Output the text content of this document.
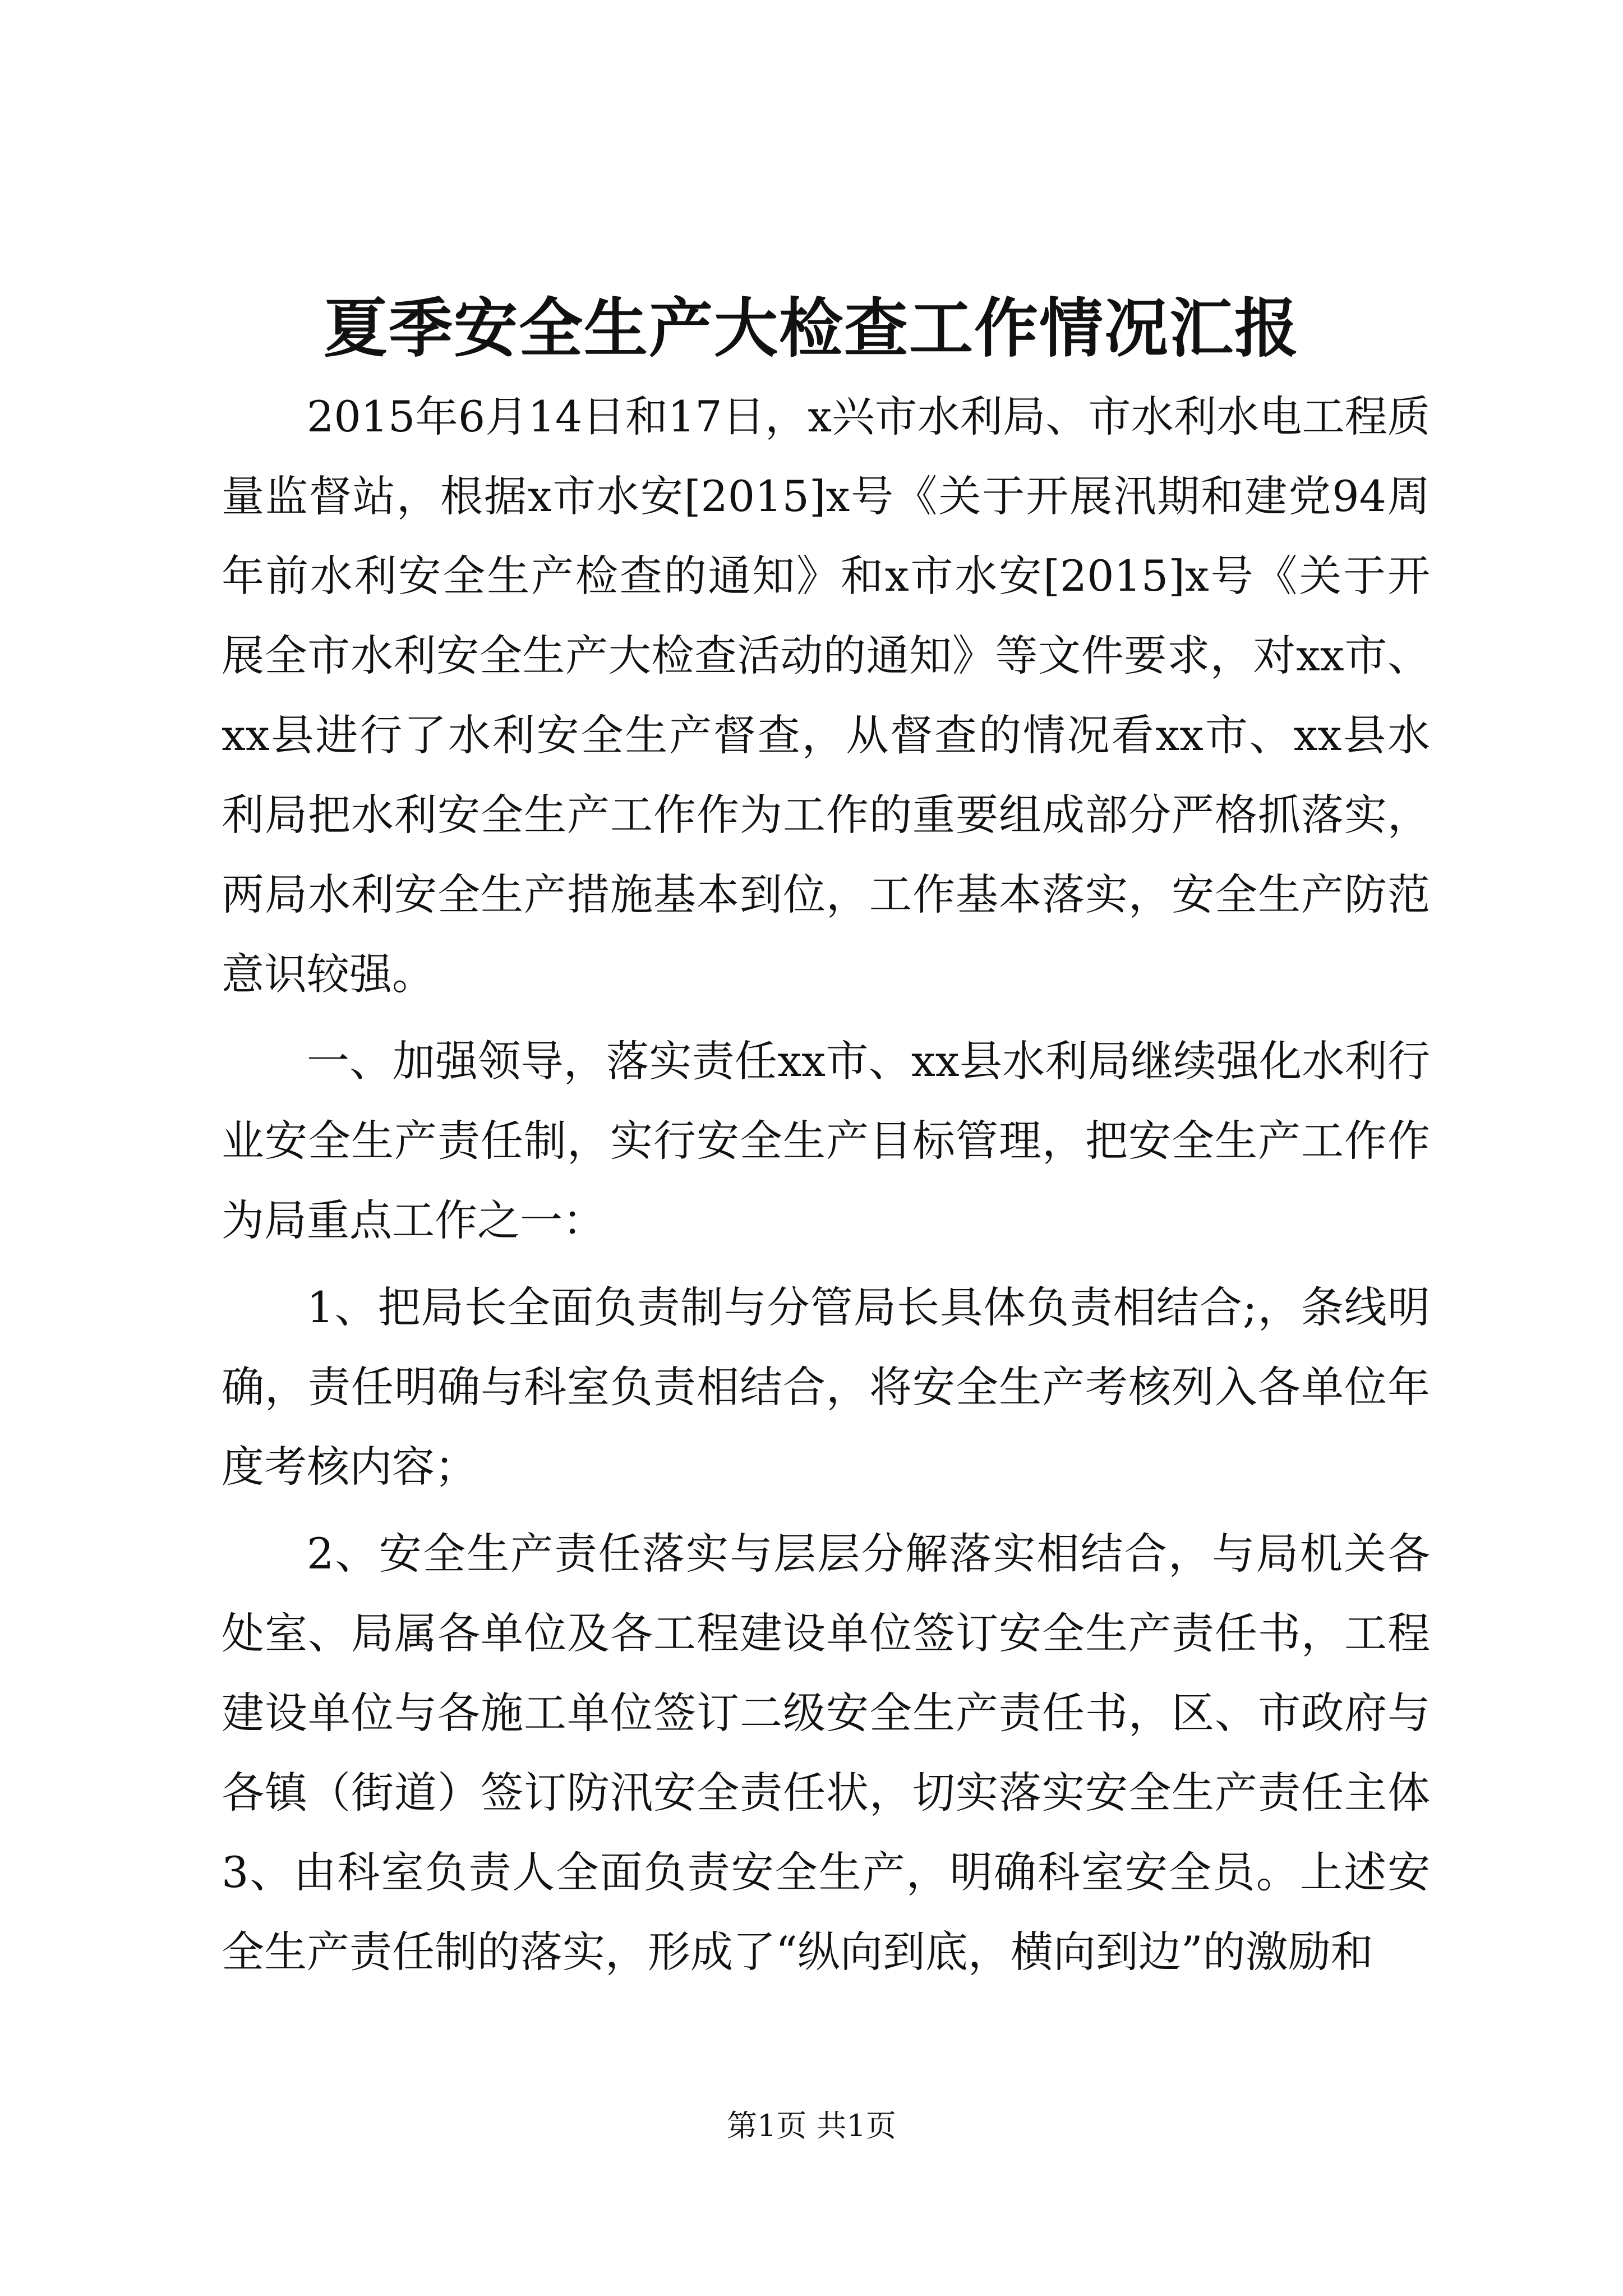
夏季安全生产大检查工作情况汇报

2015年6月14日和17日，x兴市水利局、市水利水电工程质量监督站，根据x市水安[2015]x号《关于开展汛期和建党94周年前水利安全生产检查的通知》和x市水安[2015]x号《关于开展全市水利安全生产大检查活动的通知》等文件要求，对xx市、xx县进行了水利安全生产督查，从督查的情况看xx市、xx县水利局把水利安全生产工作作为工作的重要组成部分严格抓落实，两局水利安全生产措施基本到位，工作基本落实，安全生产防范意识较强。

一、加强领导，落实责任xx市、xx县水利局继续强化水利行业安全生产责任制，实行安全生产目标管理，把安全生产工作作为局重点工作之一：

1、把局长全面负责制与分管局长具体负责相结合;，条线明确，责任明确与科室负责相结合，将安全生产考核列入各单位年度考核内容；

2、安全生产责任落实与层层分解落实相结合，与局机关各处室、局属各单位及各工程建设单位签订安全生产责任书，工程建设单位与各施工单位签订二级安全生产责任书，区、市政府与各镇（街道）签订防汛安全责任状，切实落实安全生产责任主体3、由科室负责人全面负责安全生产，明确科室安全员。上述安全生产责任制的落实，形成了“纵向到底，横向到边”的激励和

第1页 共1页
